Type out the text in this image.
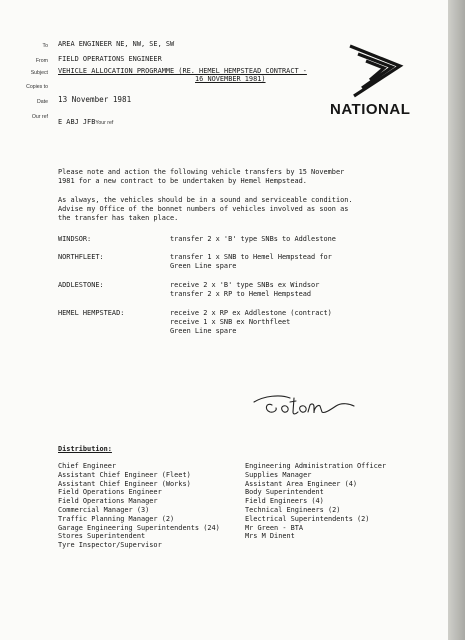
To AREA ENGINEER NE, NW, SE, SW
From FIELD OPERATIONS ENGINEER
Subject VEHICLE ALLOCATION PROGRAMME (RE. HEMEL HEMPSTEAD CONTRACT -
16 NOVEMBER 1981)
Copies to
Date 13 November 1981
Our ref
E ABJ JFBYour ref
NATIONAL
Please note and action the following vehicle transfers by 15 November
1981 for a new contract to be undertaken by Hemel Hempstead.
As always, the vehicles should be in a sound and serviceable condition.
Advise my Office of the bonnet numbers of vehicles involved as soon as
the transfer has taken place.
WINDSOR:	transfer 2 x 'B' type SNBs to Addlestone
NORTHFLEET:	transfer 1 x SNB to Hemel Hempstead for
Green Line spare
ADDLESTONE:	receive 2 x 'B' type SNBs ex Windsor
transfer 2 x RP to Hemel Hempstead
HEMEL HEMPSTEAD:	receive 2 x RP ex Addlestone (contract)
receive 1 x SNB ex Northfleet
Green Line spare
Distribution:
Chief Engineer
Assistant Chief Engineer (Fleet)
Assistant Chief Engineer (Works)
Field Operations Engineer
Field Operations Manager
Commercial Manager (3)
Traffic Planning Manager (2)
Garage Engineering Superintendents (24)
Stores Superintendent
Tyre Inspector/Supervisor
Engineering Administration Officer
Supplies Manager
Assistant Area Engineer (4)
Body Superintendent
Field Engineers (4)
Technical Engineers (2)
Electrical Superintendents (2)
Mr Green - BTA
Mrs M Dinent
